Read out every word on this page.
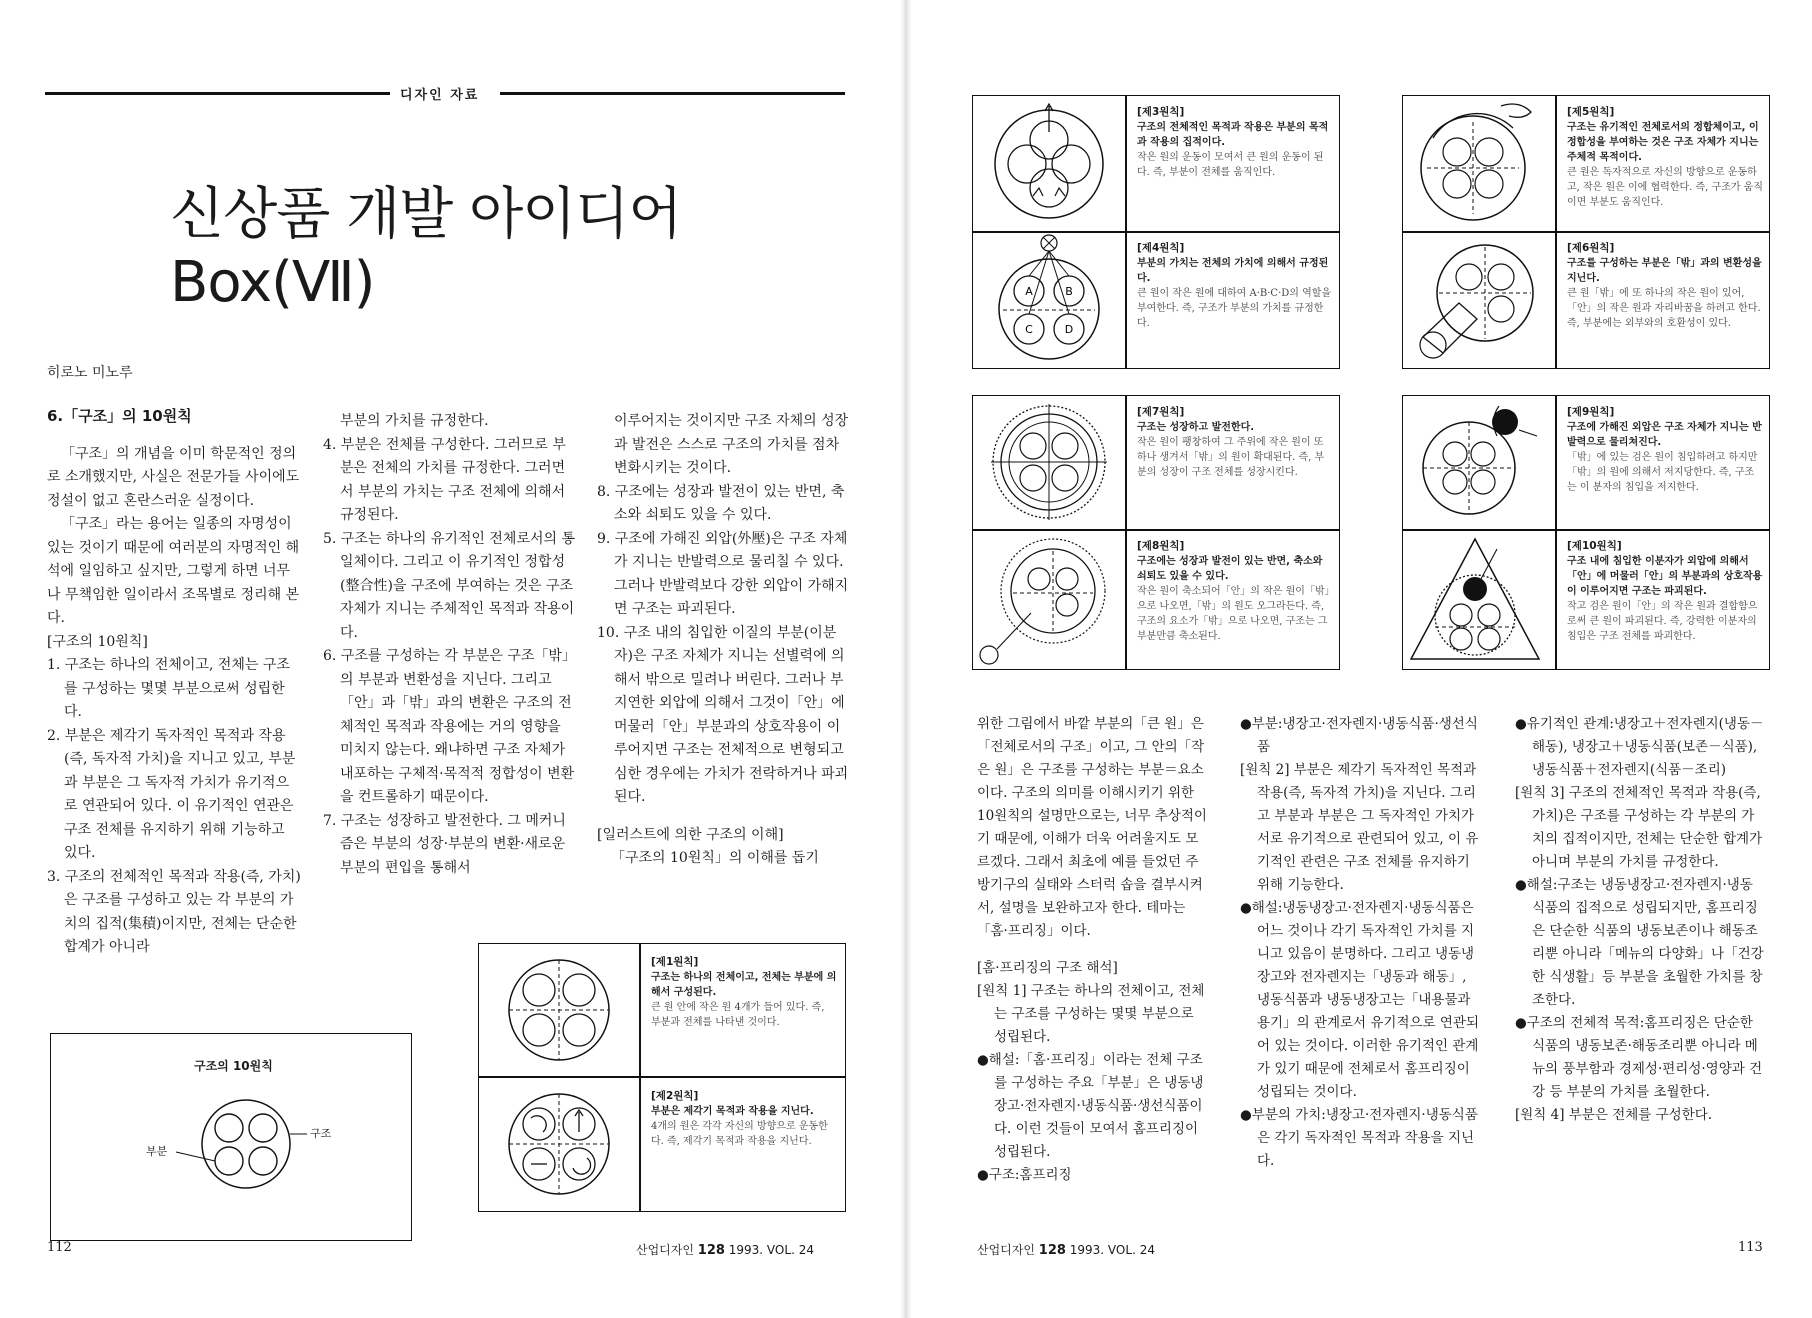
디자인 자료
신상품 개발 아이디어 Box(Ⅶ)
히로노 미노루

6.「구조」의 10원칙

「구조」의 개념을 이미 학문적인 정의로 소개했지만, 사실은 전문가들 사이에도 정설이 없고 혼란스러운 실정이다.

「구조」라는 용어는 일종의 자명성이 있는 것이기 때문에 여러분의 자명적인 해석에 일임하고 싶지만, 그렇게 하면 너무나 무책임한 일이라서 조목별로 정리해 본다.

[구조의 10원칙]

1. 구조는 하나의 전체이고, 전체는 구조를 구성하는 몇몇 부분으로써 성립한다.

2. 부분은 제각기 독자적인 목적과 작용(즉, 독자적 가치)을 지니고 있고, 부분과 부분은 그 독자적 가치가 유기적으로 연관되어 있다. 이 유기적인 연관은 구조 전체를 유지하기 위해 기능하고 있다.

3. 구조의 전체적인 목적과 작용(즉, 가치)은 구조를 구성하고 있는 각 부분의 가치의 집적(集積)이지만, 전체는 단순한 합계가 아니라

부분의 가치를 규정한다.

4. 부분은 전체를 구성한다. 그러므로 부분은 전체의 가치를 규정한다. 그러면서 부분의 가치는 구조 전체에 의해서 규정된다.

5. 구조는 하나의 유기적인 전체로서의 통일체이다. 그리고 이 유기적인 정합성(整合性)을 구조에 부여하는 것은 구조 자체가 지니는 주체적인 목적과 작용이다.

6. 구조를 구성하는 각 부분은 구조「밖」의 부분과 변환성을 지닌다. 그리고「안」과「밖」과의 변환은 구조의 전체적인 목적과 작용에는 거의 영향을 미치지 않는다. 왜냐하면 구조 자체가 내포하는 구체적·목적적 정합성이 변환을 컨트롤하기 때문이다.

7. 구조는 성장하고 발전한다. 그 메커니즘은 부분의 성장·부분의 변환·새로운 부분의 편입을 통해서

이루어지는 것이지만 구조 자체의 성장과 발전은 스스로 구조의 가치를 점차 변화시키는 것이다.

8. 구조에는 성장과 발전이 있는 반면, 축소와 쇠퇴도 있을 수 있다.

9. 구조에 가해진 외압(外壓)은 구조 자체가 지니는 반발력으로 물리칠 수 있다. 그러나 반발력보다 강한 외압이 가해지면 구조는 파괴된다.

10. 구조 내의 침입한 이질의 부분(이분자)은 구조 자체가 지니는 선별력에 의해서 밖으로 밀려나 버린다. 그러나 부지연한 외압에 의해서 그것이「안」에 머물러「안」부분과의 상호작용이 이루어지면 구조는 전체적으로 변형되고 심한 경우에는 가치가 전락하거나 파괴된다.

[일러스트에 의한 구조의 이해]

「구조의 10원칙」의 이해를 돕기

구조의 10원칙
구조
부분
[제1원칙]
구조는 하나의 전체이고, 전체는 부분에 의해서 구성된다.
큰 원 안에 작은 원 4개가 들어 있다. 즉, 부분과 전체를 나타낸 것이다.
[제2원칙]
부분은 제각기 목적과 작용을 지닌다.
4개의 원은 각각 자신의 방향으로 운동한다. 즉, 제각기 목적과 작용을 지닌다.
112	산업디자인 128 1993. VOL. 24
A	B
C	D
[제3원칙]
구조의 전체적인 목적과 작용은 부분의 목적과 작용의 집적이다.
작은 원의 운동이 모여서 큰 원의 운동이 된다. 즉, 부분이 전체를 움직인다.
[제4원칙]
부분의 가치는 전체의 가치에 의해서 규정된다.
큰 원이 작은 원에 대하여 A·B·C·D의 역할을 부여한다. 즉, 구조가 부분의 가치를 규정한다.
[제5원칙]
구조는 유기적인 전체로서의 정합체이고, 이 정합성을 부여하는 것은 구조 자체가 지니는 주체적 목적이다.
큰 원은 독자적으로 자신의 방향으로 운동하고, 작은 원은 이에 협력한다. 즉, 구조가 움직이면 부분도 움직인다.
[제6원칙]
구조를 구성하는 부분은「밖」과의 변환성을 지닌다.
큰 원「밖」에 또 하나의 작은 원이 있어,「안」의 작은 원과 자리바꿈을 하려고 한다. 즉, 부분에는 외부와의 호환성이 있다.
[제7원칙]
구조는 성장하고 발전한다.
작은 원이 팽창하여 그 주위에 작은 원이 또 하나 생겨서「밖」의 원이 확대된다. 즉, 부분의 성장이 구조 전체를 성장시킨다.
[제8원칙]
구조에는 성장과 발전이 있는 반면, 축소와 쇠퇴도 있을 수 있다.
작은 원이 축소되어「안」의 작은 원이「밖」으로 나오면,「밖」의 원도 오그라든다. 즉, 구조의 요소가「밖」으로 나오면, 구조는 그 부분만큼 축소된다.
[제9원칙]
구조에 가해진 외압은 구조 자체가 지니는 반발력으로 물리쳐진다.
「밖」에 있는 검은 원이 침입하려고 하지만「밖」의 원에 의해서 저지당한다. 즉, 구조는 이 분자의 침입을 저지한다.
[제10원칙]
구조 내에 침입한 이분자가 외압에 의해서「안」에 머물러「안」의 부분과의 상호작용이 이루어지면 구조는 파괴된다.
작고 검은 원이「안」의 작은 원과 결합함으로써 큰 원이 파괴된다. 즉, 강력한 이분자의 침입은 구조 전체를 파괴한다.

위한 그림에서 바깥 부분의「큰 원」은「전체로서의 구조」이고, 그 안의「작은 원」은 구조를 구성하는 부분＝요소이다. 구조의 의미를 이해시키기 위한 10원칙의 설명만으로는, 너무 추상적이기 때문에, 이해가 더욱 어려울지도 모르겠다. 그래서 최초에 예를 들었던 주방기구의 실태와 스터럭 솝을 결부시켜서, 설명을 보완하고자 한다. 테마는「홈·프리징」이다.

[홈·프리징의 구조 해석]

[원칙 1] 구조는 하나의 전체이고, 전체는 구조를 구성하는 몇몇 부분으로 성립된다.

●해설:「홈·프리징」이라는 전체 구조를 구성하는 주요「부분」은 냉동냉장고·전자렌지·냉동식품·생선식품이다. 이런 것들이 모여서 홈프리징이 성립된다.

●구조:홈프리징

●부분:냉장고·전자렌지·냉동식품·생선식품

[원칙 2] 부분은 제각기 독자적인 목적과 작용(즉, 독자적 가치)을 지닌다. 그리고 부분과 부분은 그 독자적인 가치가 서로 유기적으로 관련되어 있고, 이 유기적인 관련은 구조 전체를 유지하기 위해 기능한다.

●해설:냉동냉장고·전자렌지·냉동식품은 어느 것이나 각기 독자적인 가치를 지니고 있음이 분명하다. 그리고 냉동냉장고와 전자렌지는「냉동과 해동」, 냉동식품과 냉동냉장고는「내용물과 용기」의 관계로서 유기적으로 연관되어 있는 것이다. 이러한 유기적인 관계가 있기 때문에 전체로서 홈프리징이 성립되는 것이다.

●부분의 가치:냉장고·전자렌지·냉동식품은 각기 독자적인 목적과 작용을 지닌다.

●유기적인 관계:냉장고＋전자렌지(냉동－해동), 냉장고＋냉동식품(보존－식품), 냉동식품＋전자렌지(식품－조리)

[원칙 3] 구조의 전체적인 목적과 작용(즉, 가치)은 구조를 구성하는 각 부분의 가치의 집적이지만, 전체는 단순한 합계가 아니며 부분의 가치를 규정한다.

●해설:구조는 냉동냉장고·전자렌지·냉동식품의 집적으로 성립되지만, 홈프리징은 단순한 식품의 냉동보존이나 해동조리뿐 아니라「메뉴의 다양화」나「건강한 식생활」등 부분을 초월한 가치를 창조한다.

●구조의 전체적 목적:홈프리징은 단순한 식품의 냉동보존·해동조리뿐 아니라 메뉴의 풍부함과 경제성·편리성·영양과 건강 등 부분의 가치를 초월한다.

[원칙 4] 부분은 전체를 구성한다.

산업디자인 128 1993. VOL. 24	113
